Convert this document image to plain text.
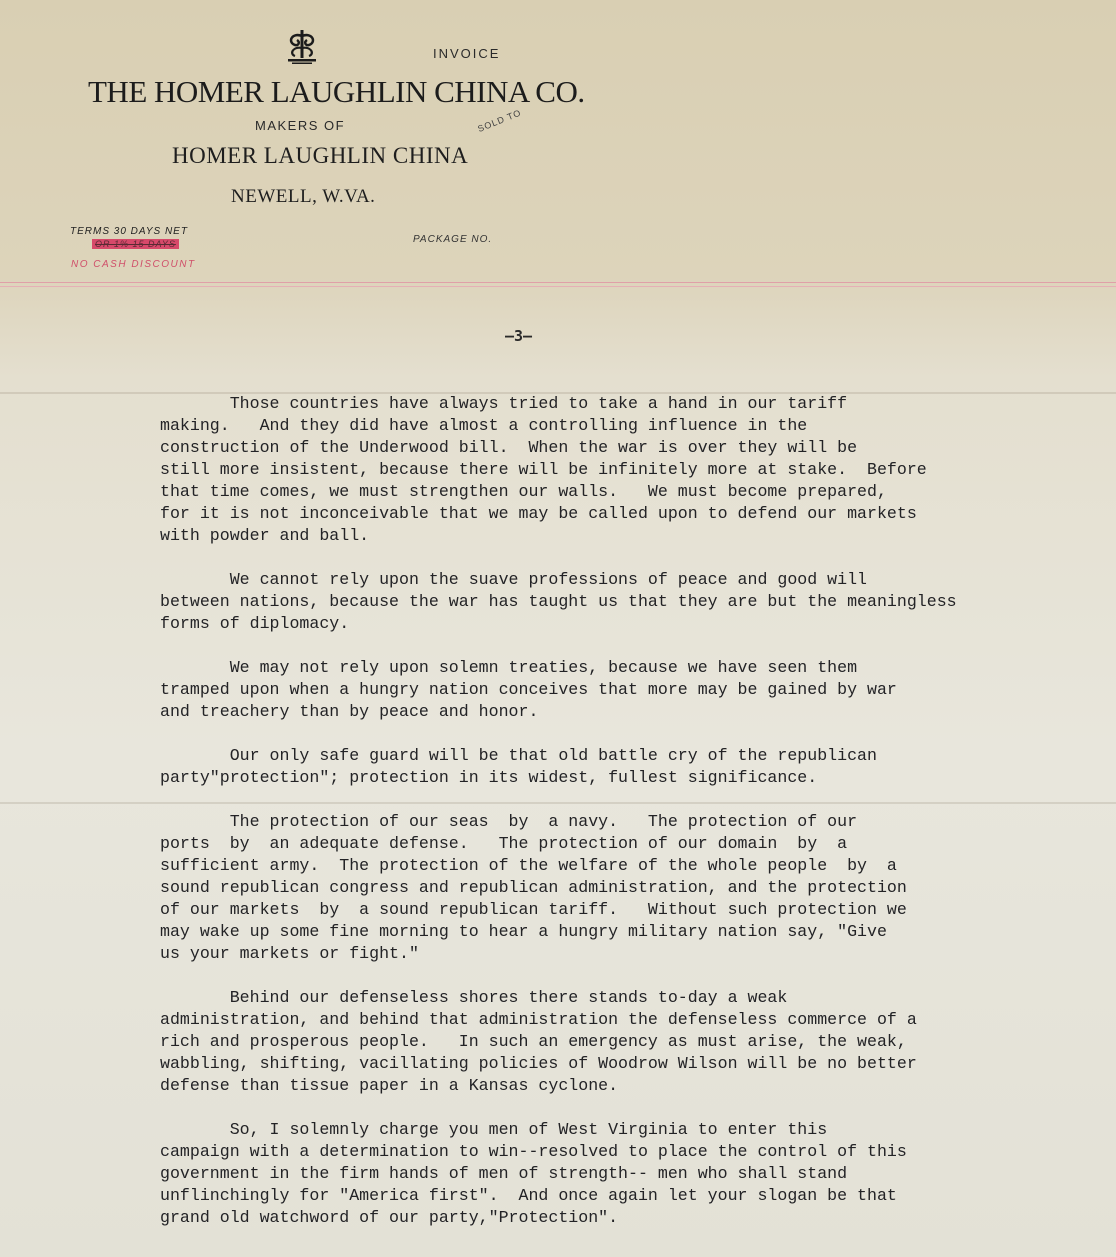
INVOICE
THE HOMER LAUGHLIN CHINA CO.
MAKERS OF	SOLD TO
HOMER LAUGHLIN CHINA
NEWELL, W.VA.
TERMS 30 DAYS NET
OR 1% 15 DAYS
NO CASH DISCOUNT
PACKAGE NO.
—3—
Those countries have always tried to take a hand in our tariff
making.   And they did have almost a controlling influence in the
construction of the Underwood bill.  When the war is over they will be
still more insistent, because there will be infinitely more at stake.  Before
that time comes, we must strengthen our walls.   We must become prepared,
for it is not inconceivable that we may be called upon to defend our markets
with powder and ball.
We cannot rely upon the suave professions of peace and good will
between nations, because the war has taught us that they are but the meaningless
forms of diplomacy.
We may not rely upon solemn treaties, because we have seen them
tramped upon when a hungry nation conceives that more may be gained by war
and treachery than by peace and honor.
Our only safe guard will be that old battle cry of the republican
party"protection"; protection in its widest, fullest significance.
The protection of our seas  by  a navy.   The protection of our
ports  by  an adequate defense.   The protection of our domain  by  a
sufficient army.  The protection of the welfare of the whole people  by  a
sound republican congress and republican administration, and the protection
of our markets  by  a sound republican tariff.   Without such protection we
may wake up some fine morning to hear a hungry military nation say, "Give
us your markets or fight."
Behind our defenseless shores there stands to-day a weak
administration, and behind that administration the defenseless commerce of a
rich and prosperous people.   In such an emergency as must arise, the weak,
wabbling, shifting, vacillating policies of Woodrow Wilson will be no better
defense than tissue paper in a Kansas cyclone.
So, I solemnly charge you men of West Virginia to enter this
campaign with a determination to win--resolved to place the control of this
government in the firm hands of men of strength-- men who shall stand
unflinchingly for "America first".  And once again let your slogan be that
grand old watchword of our party,"Protection".
